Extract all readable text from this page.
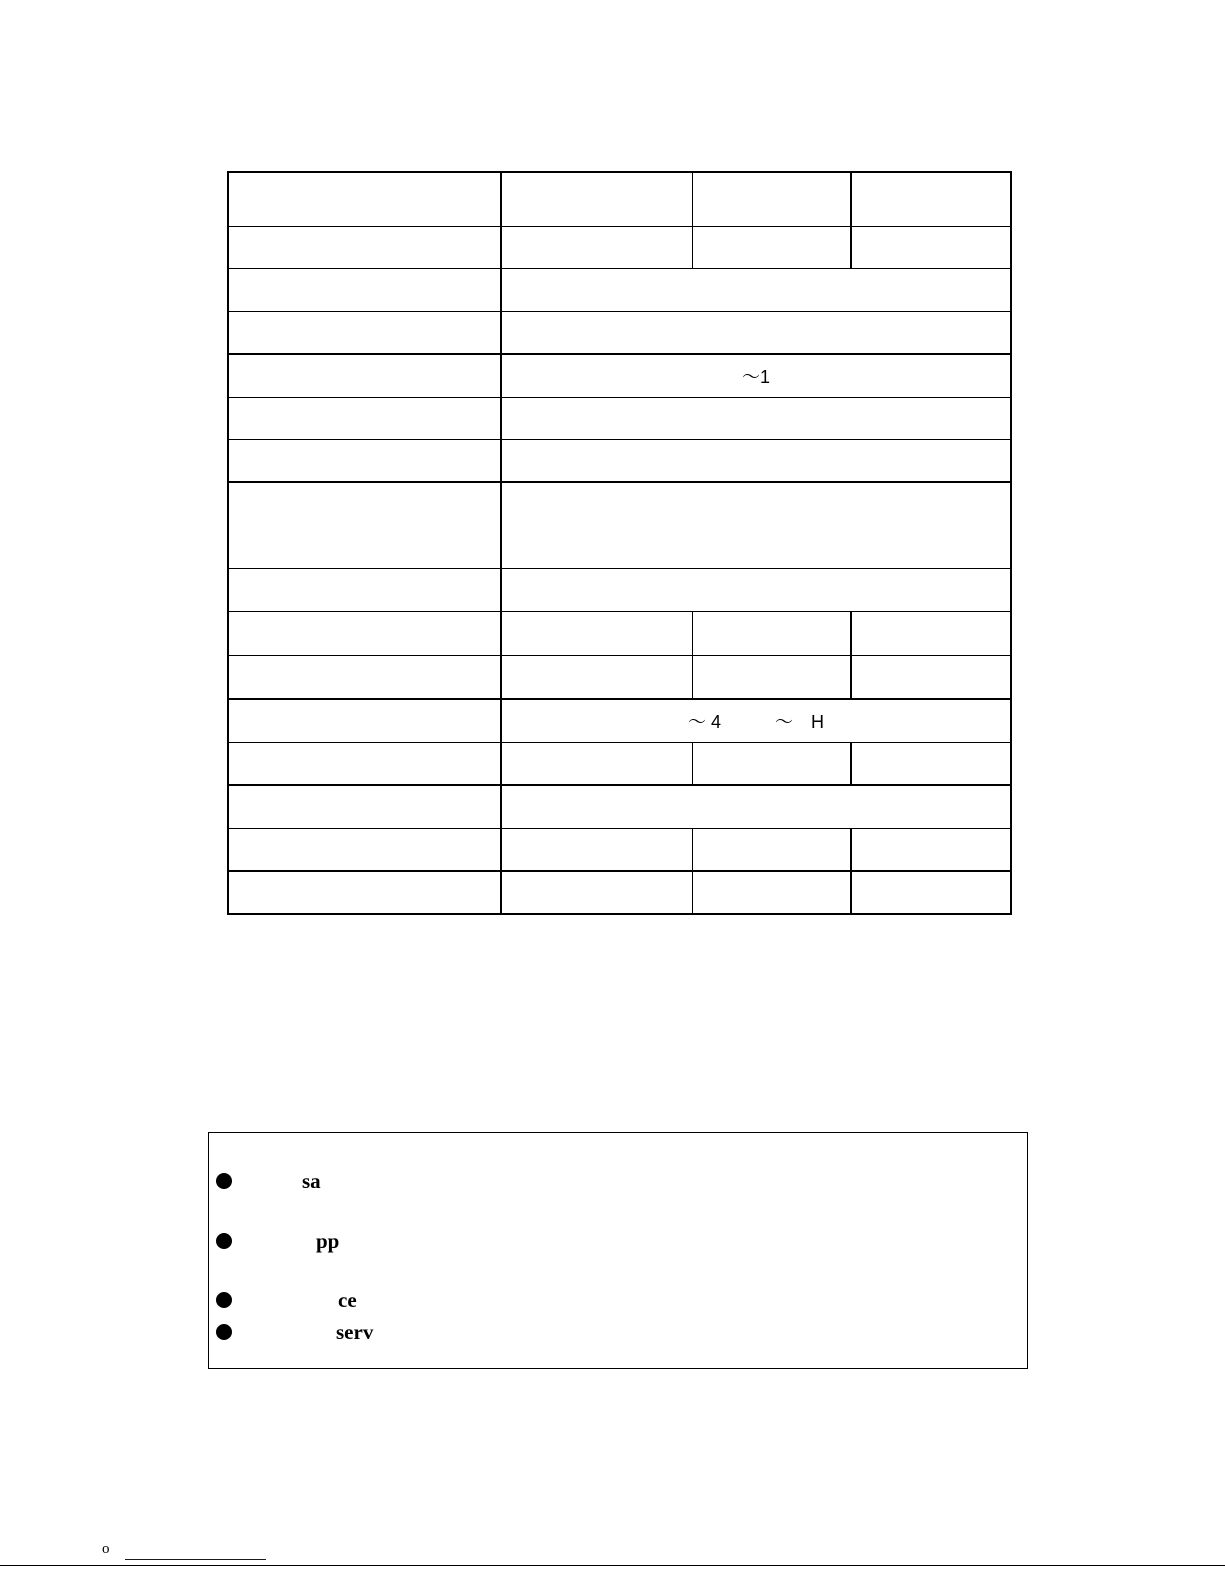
	～1		

	～ 4　　　～　H		

sa
pp
ce
serv
o
